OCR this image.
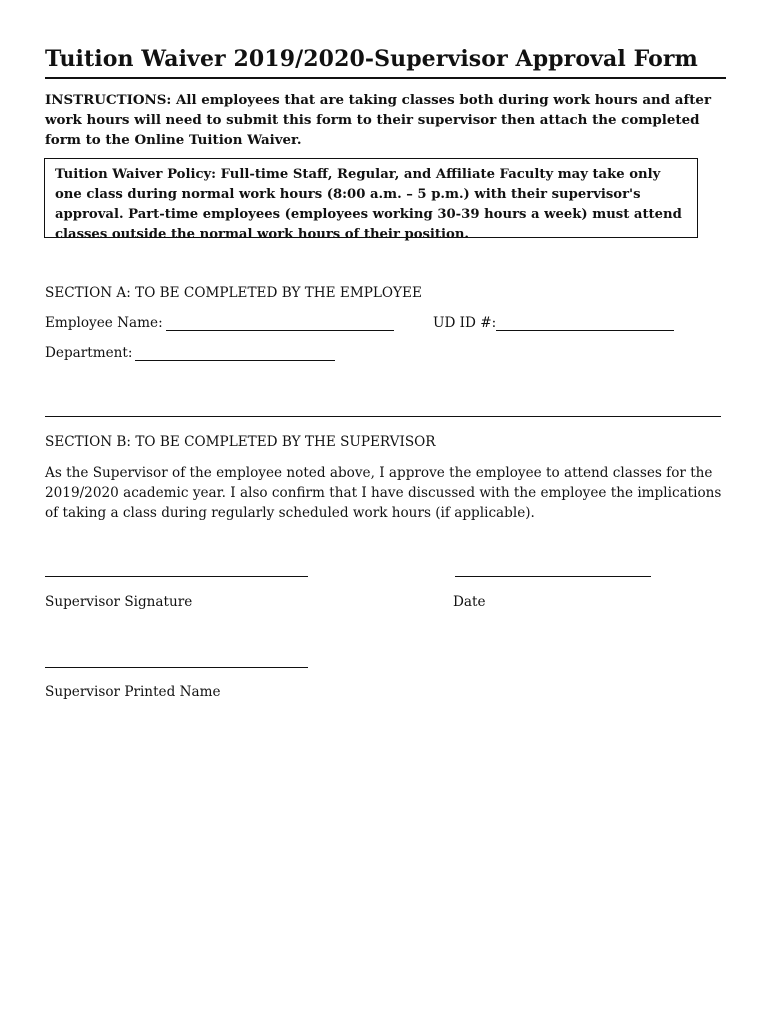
Tuition Waiver 2019/2020-Supervisor Approval Form
INSTRUCTIONS: All employees that are taking classes both during work hours and after work hours will need to submit this form to their supervisor then attach the completed form to the Online Tuition Waiver.
Tuition Waiver Policy: Full-time Staff, Regular, and Affiliate Faculty may take only one class during normal work hours (8:00 a.m. – 5 p.m.) with their supervisor's approval. Part-time employees (employees working 30-39 hours a week) must attend classes outside the normal work hours of their position.
SECTION A: TO BE COMPLETED BY THE EMPLOYEE
Employee Name:	UD ID #:
Department:
SECTION B: TO BE COMPLETED BY THE SUPERVISOR
As the Supervisor of the employee noted above, I approve the employee to attend classes for the 2019/2020 academic year. I also confirm that I have discussed with the employee the implications of taking a class during regularly scheduled work hours (if applicable).
Supervisor Signature	Date
Supervisor Printed Name
